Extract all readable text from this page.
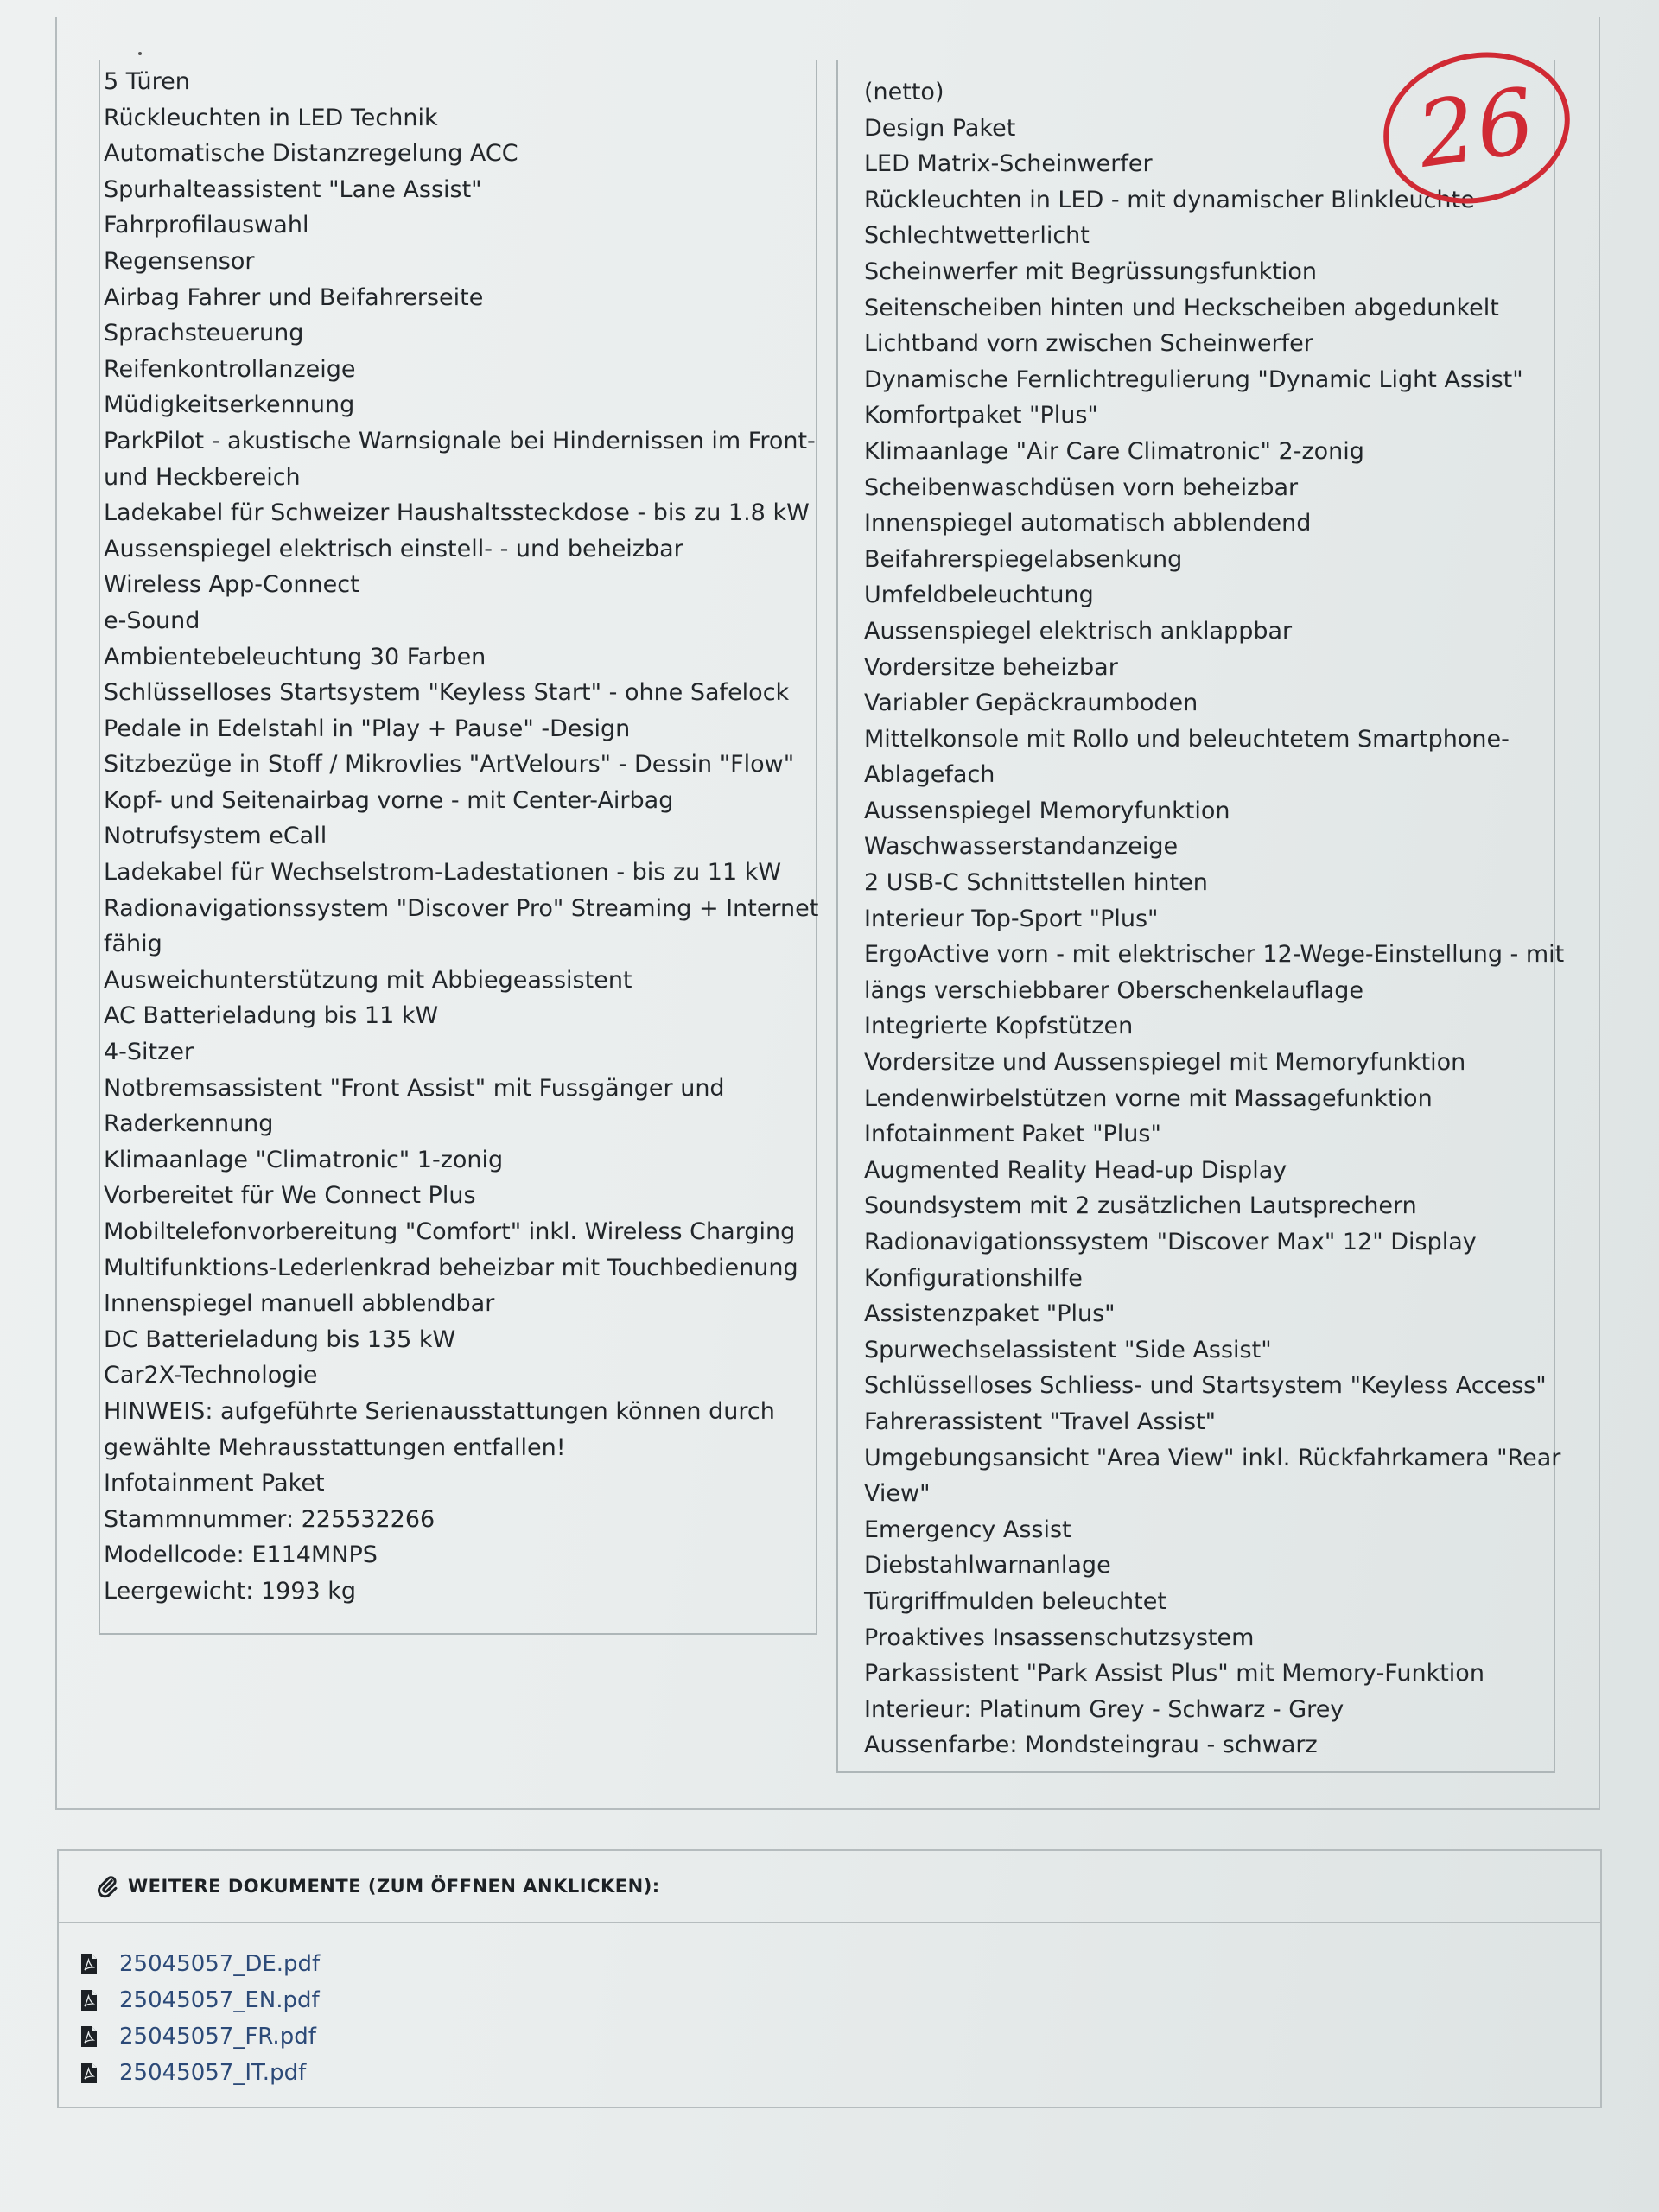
5 Türen
Rückleuchten in LED Technik
Automatische Distanzregelung ACC
Spurhalteassistent "Lane Assist"
Fahrprofilauswahl
Regensensor
Airbag Fahrer und Beifahrerseite
Sprachsteuerung
Reifenkontrollanzeige
Müdigkeitserkennung
ParkPilot - akustische Warnsignale bei Hindernissen im Front-
und Heckbereich
Ladekabel für Schweizer Haushaltssteckdose - bis zu 1.8 kW
Aussenspiegel elektrisch einstell- - und beheizbar
Wireless App-Connect
e-Sound
Ambientebeleuchtung 30 Farben
Schlüsselloses Startsystem "Keyless Start" - ohne Safelock
Pedale in Edelstahl in "Play + Pause" -Design
Sitzbezüge in Stoff / Mikrovlies "ArtVelours" - Dessin "Flow"
Kopf- und Seitenairbag vorne - mit Center-Airbag
Notrufsystem eCall
Ladekabel für Wechselstrom-Ladestationen - bis zu 11 kW
Radionavigationssystem "Discover Pro" Streaming + Internet
fähig
Ausweichunterstützung mit Abbiegeassistent
AC Batterieladung bis 11 kW
4-Sitzer
Notbremsassistent "Front Assist" mit Fussgänger und
Raderkennung
Klimaanlage "Climatronic" 1-zonig
Vorbereitet für We Connect Plus
Mobiltelefonvorbereitung "Comfort" inkl. Wireless Charging
Multifunktions-Lederlenkrad beheizbar mit Touchbedienung
Innenspiegel manuell abblendbar
DC Batterieladung bis 135 kW
Car2X-Technologie
HINWEIS: aufgeführte Serienausstattungen können durch
gewählte Mehrausstattungen entfallen!
Infotainment Paket
Stammnummer: 225532266
Modellcode: E114MNPS
Leergewicht: 1993 kg
(netto)
Design Paket
LED Matrix-Scheinwerfer
Rückleuchten in LED - mit dynamischer Blinkleuchte
Schlechtwetterlicht
Scheinwerfer mit Begrüssungsfunktion
Seitenscheiben hinten und Heckscheiben abgedunkelt
Lichtband vorn zwischen Scheinwerfer
Dynamische Fernlichtregulierung "Dynamic Light Assist"
Komfortpaket "Plus"
Klimaanlage "Air Care Climatronic" 2-zonig
Scheibenwaschdüsen vorn beheizbar
Innenspiegel automatisch abblendend
Beifahrerspiegelabsenkung
Umfeldbeleuchtung
Aussenspiegel elektrisch anklappbar
Vordersitze beheizbar
Variabler Gepäckraumboden
Mittelkonsole mit Rollo und beleuchtetem Smartphone-
Ablagefach
Aussenspiegel Memoryfunktion
Waschwasserstandanzeige
2 USB-C Schnittstellen hinten
Interieur Top-Sport "Plus"
ErgoActive vorn - mit elektrischer 12-Wege-Einstellung - mit
längs verschiebbarer Oberschenkelauflage
Integrierte Kopfstützen
Vordersitze und Aussenspiegel mit Memoryfunktion
Lendenwirbelstützen vorne mit Massagefunktion
Infotainment Paket "Plus"
Augmented Reality Head-up Display
Soundsystem mit 2 zusätzlichen Lautsprechern
Radionavigationssystem "Discover Max" 12" Display
Konfigurationshilfe
Assistenzpaket "Plus"
Spurwechselassistent "Side Assist"
Schlüsselloses Schliess- und Startsystem "Keyless Access"
Fahrerassistent "Travel Assist"
Umgebungsansicht "Area View" inkl. Rückfahrkamera "Rear
View"
Emergency Assist
Diebstahlwarnanlage
Türgriffmulden beleuchtet
Proaktives Insassenschutzsystem
Parkassistent "Park Assist Plus" mit Memory-Funktion
Interieur: Platinum Grey - Schwarz - Grey
Aussenfarbe: Mondsteingrau - schwarz
26
WEITERE DOKUMENTE (ZUM ÖFFNEN ANKLICKEN):
25045057_DE.pdf
25045057_EN.pdf
25045057_FR.pdf
25045057_IT.pdf
